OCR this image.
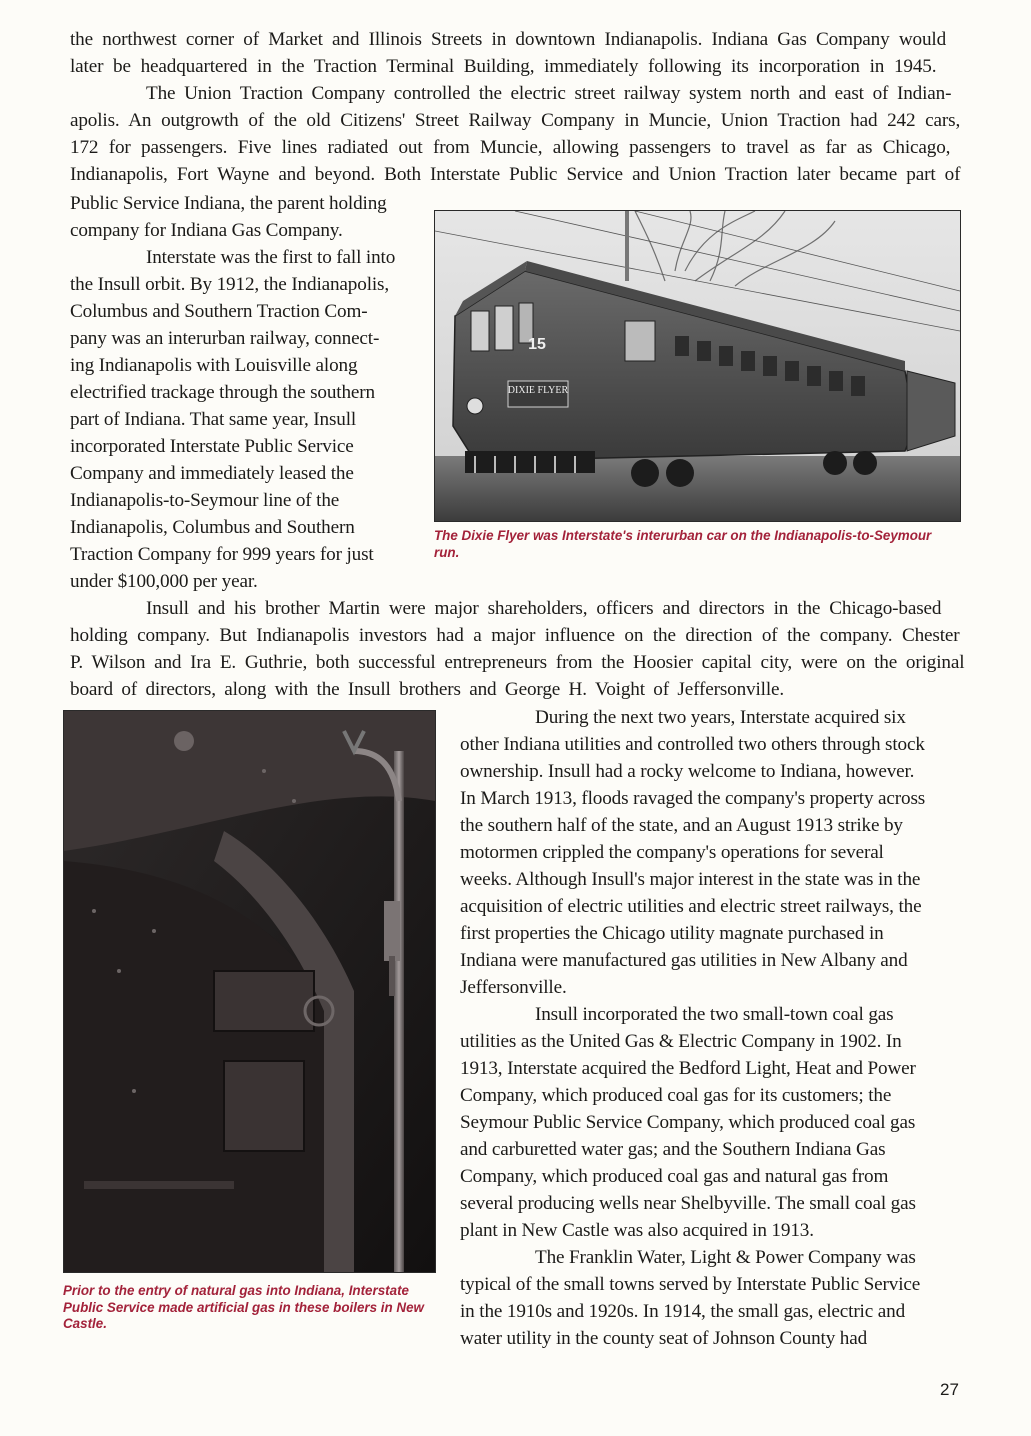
the northwest corner of Market and Illinois Streets in downtown Indianapolis. Indiana Gas Company would
later be headquartered in the Traction Terminal Building, immediately following its incorporation in 1945.
The Union Traction Company controlled the electric street railway system north and east of Indian-
apolis. An outgrowth of the old Citizens' Street Railway Company in Muncie, Union Traction had 242 cars,
172 for passengers. Five lines radiated out from Muncie, allowing passengers to travel as far as Chicago,
Indianapolis, Fort Wayne and beyond. Both Interstate Public Service and Union Traction later became part of
Public Service Indiana, the parent holding
company for Indiana Gas Company.
Interstate was the first to fall into
the Insull orbit. By 1912, the Indianapolis,
Columbus and Southern Traction Com-
pany was an interurban railway, connect-
ing Indianapolis with Louisville along
electrified trackage through the southern
part of Indiana. That same year, Insull
incorporated Interstate Public Service
Company and immediately leased the
Indianapolis-to-Seymour line of the
Indianapolis, Columbus and Southern
Traction Company for 999 years for just
under $100,000 per year.
Insull and his brother Martin were major shareholders, officers and directors in the Chicago-based
holding company. But Indianapolis investors had a major influence on the direction of the company. Chester
P. Wilson and Ira E. Guthrie, both successful entrepreneurs from the Hoosier capital city, were on the original
board of directors, along with the Insull brothers and George H. Voight of Jeffersonville.
During the next two years, Interstate acquired six
other Indiana utilities and controlled two others through stock
ownership. Insull had a rocky welcome to Indiana, however.
In March 1913, floods ravaged the company's property across
the southern half of the state, and an August 1913 strike by
motormen crippled the company's operations for several
weeks. Although Insull's major interest in the state was in the
acquisition of electric utilities and electric street railways, the
first properties the Chicago utility magnate purchased in
Indiana were manufactured gas utilities in New Albany and
Jeffersonville.
Insull incorporated the two small-town coal gas
utilities as the United Gas & Electric Company in 1902. In
1913, Interstate acquired the Bedford Light, Heat and Power
Company, which produced coal gas for its customers; the
Seymour Public Service Company, which produced coal gas
and carburetted water gas; and the Southern Indiana Gas
Company, which produced coal gas and natural gas from
several producing wells near Shelbyville. The small coal gas
plant in New Castle was also acquired in 1913.
The Franklin Water, Light & Power Company was
typical of the small towns served by Interstate Public Service
in the 1910s and 1920s. In 1914, the small gas, electric and
water utility in the county seat of Johnson County had
DIXIE FLYER
15
The Dixie Flyer was Interstate's interurban car on the Indianapolis-to-Seymour run.
Prior to the entry of natural gas into Indiana, Interstate Public Service made artificial gas in these boilers in New Castle.
27
